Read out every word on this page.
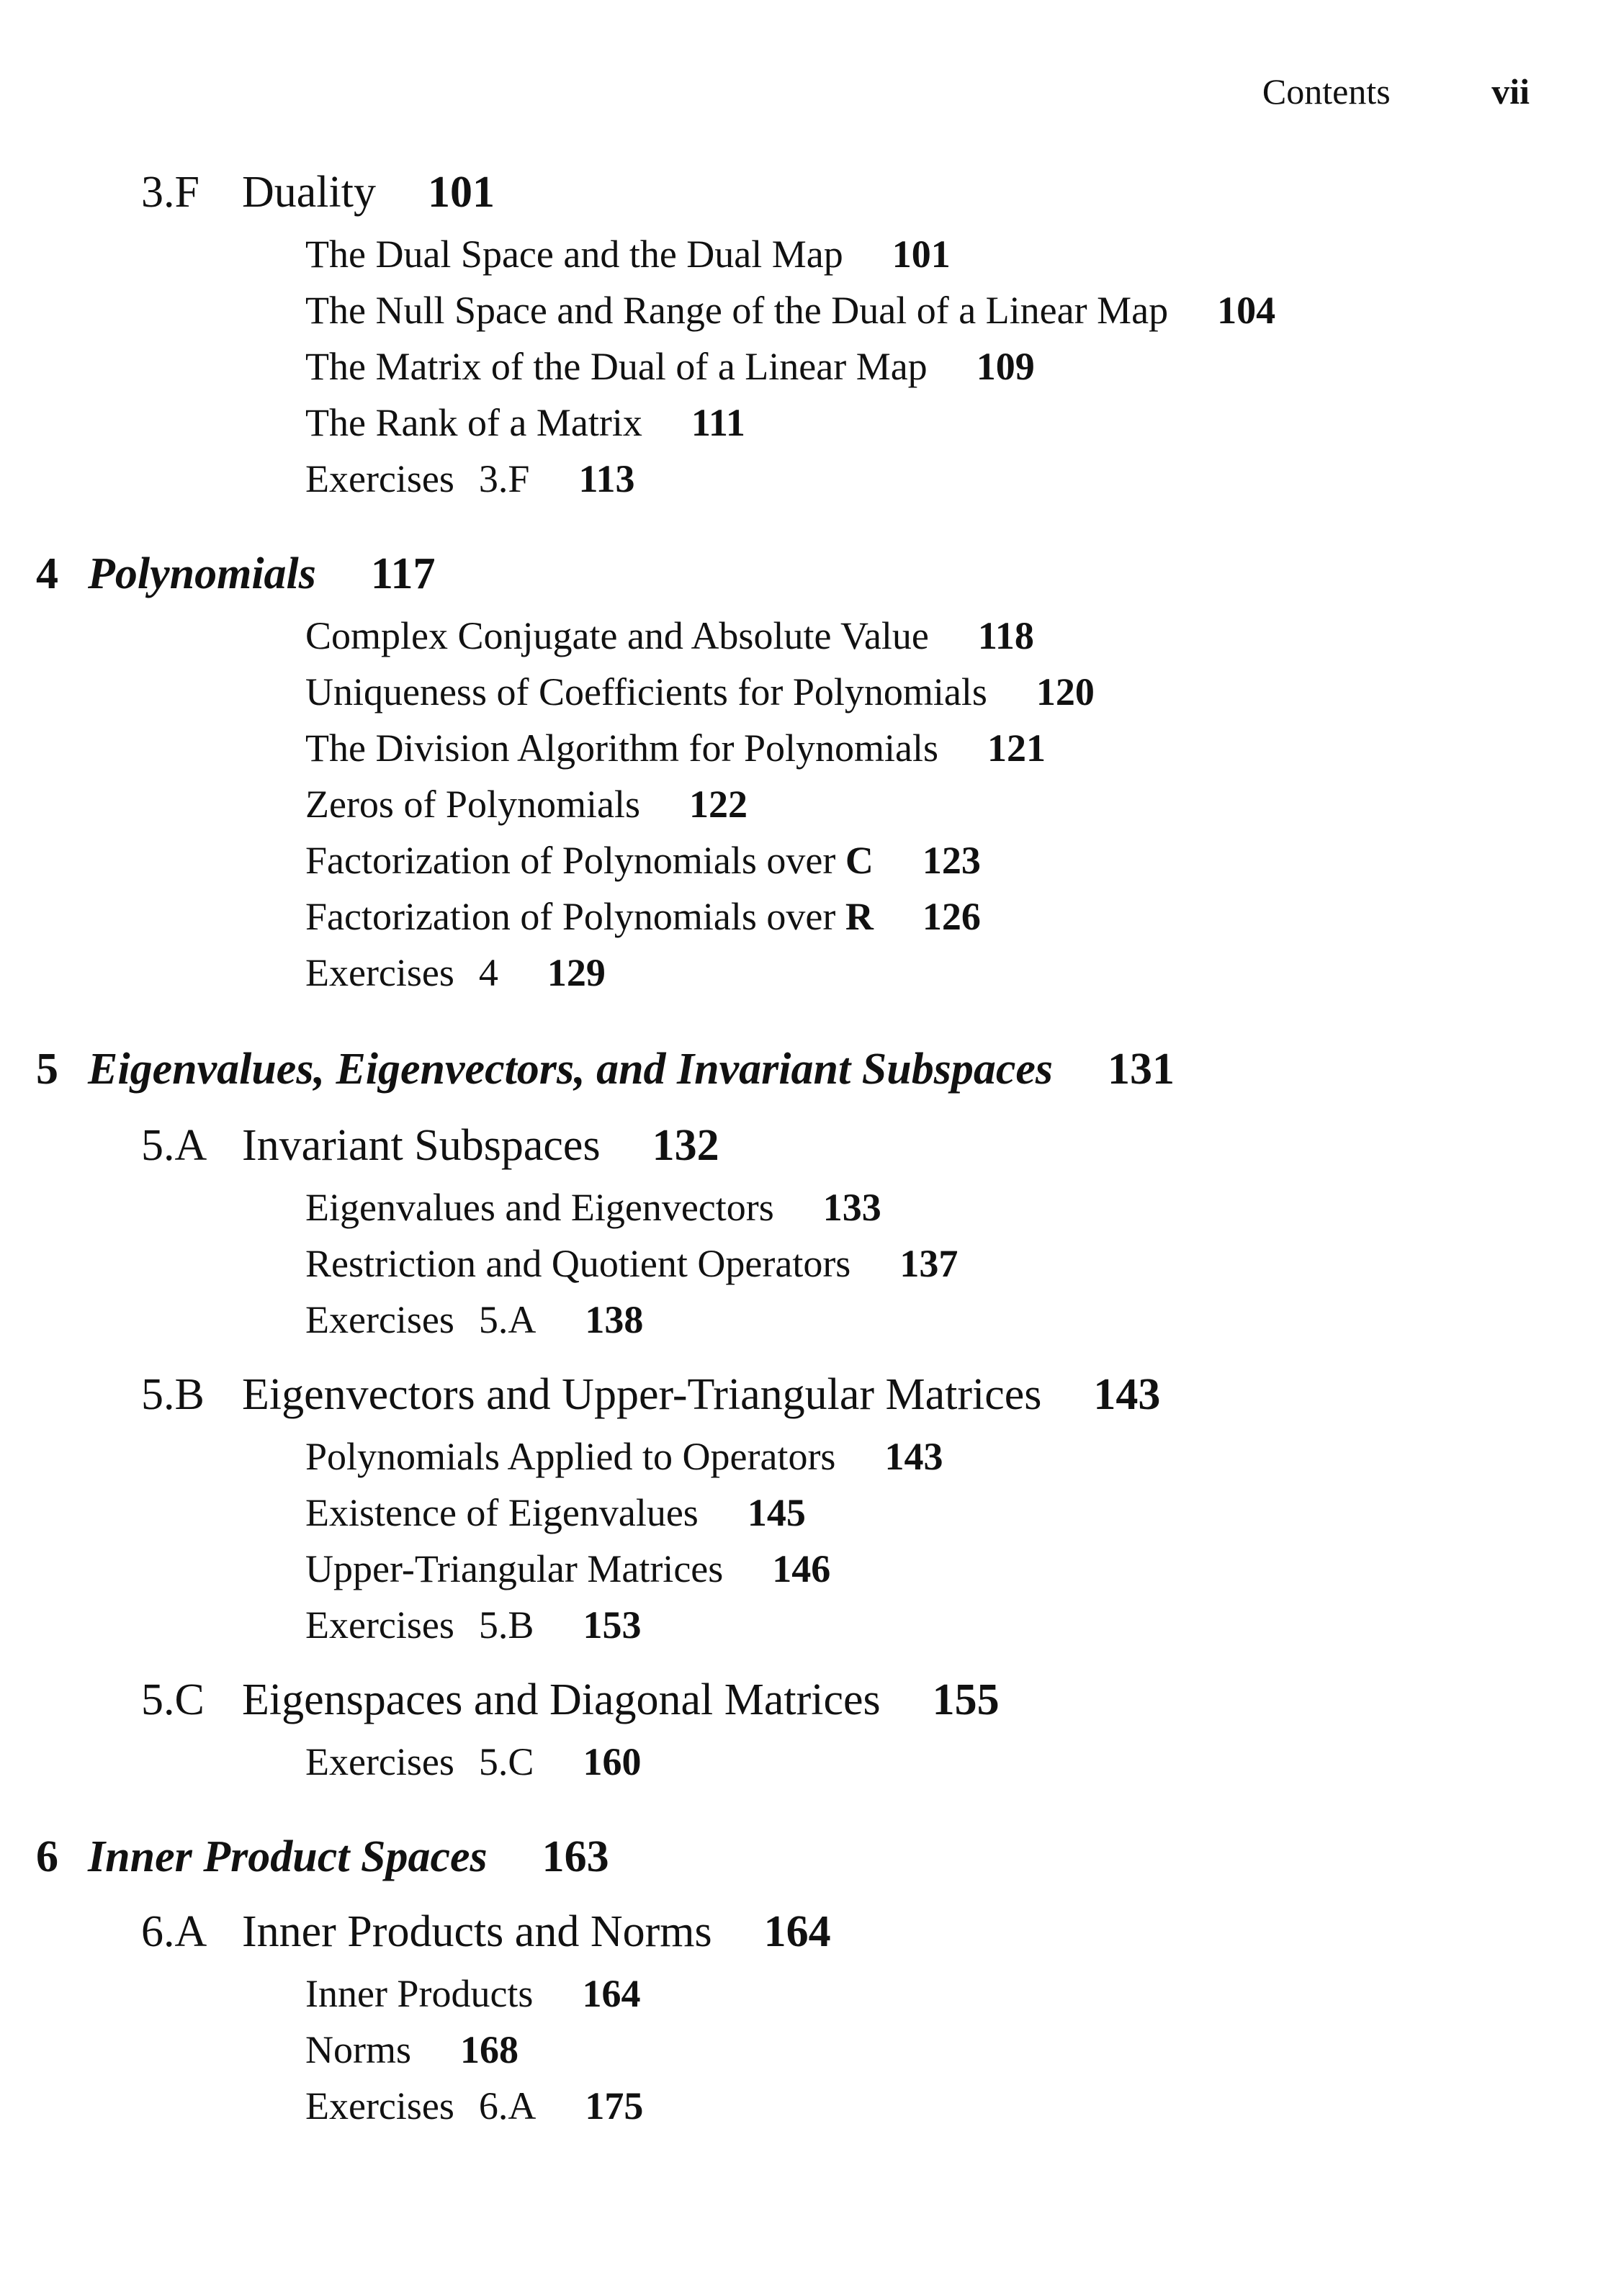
Contents	vii
3.F Duality 101
The Dual Space and the Dual Map 101
The Null Space and Range of the Dual of a Linear Map 104
The Matrix of the Dual of a Linear Map 109
The Rank of a Matrix 111
Exercises 3.F 113
4 Polynomials 117
Complex Conjugate and Absolute Value 118
Uniqueness of Coefficients for Polynomials 120
The Division Algorithm for Polynomials 121
Zeros of Polynomials 122
Factorization of Polynomials over C 123
Factorization of Polynomials over R 126
Exercises 4 129
5 Eigenvalues, Eigenvectors, and Invariant Subspaces 131
5.A Invariant Subspaces 132
Eigenvalues and Eigenvectors 133
Restriction and Quotient Operators 137
Exercises 5.A 138
5.B Eigenvectors and Upper-Triangular Matrices 143
Polynomials Applied to Operators 143
Existence of Eigenvalues 145
Upper-Triangular Matrices 146
Exercises 5.B 153
5.C Eigenspaces and Diagonal Matrices 155
Exercises 5.C 160
6 Inner Product Spaces 163
6.A Inner Products and Norms 164
Inner Products 164
Norms 168
Exercises 6.A 175
